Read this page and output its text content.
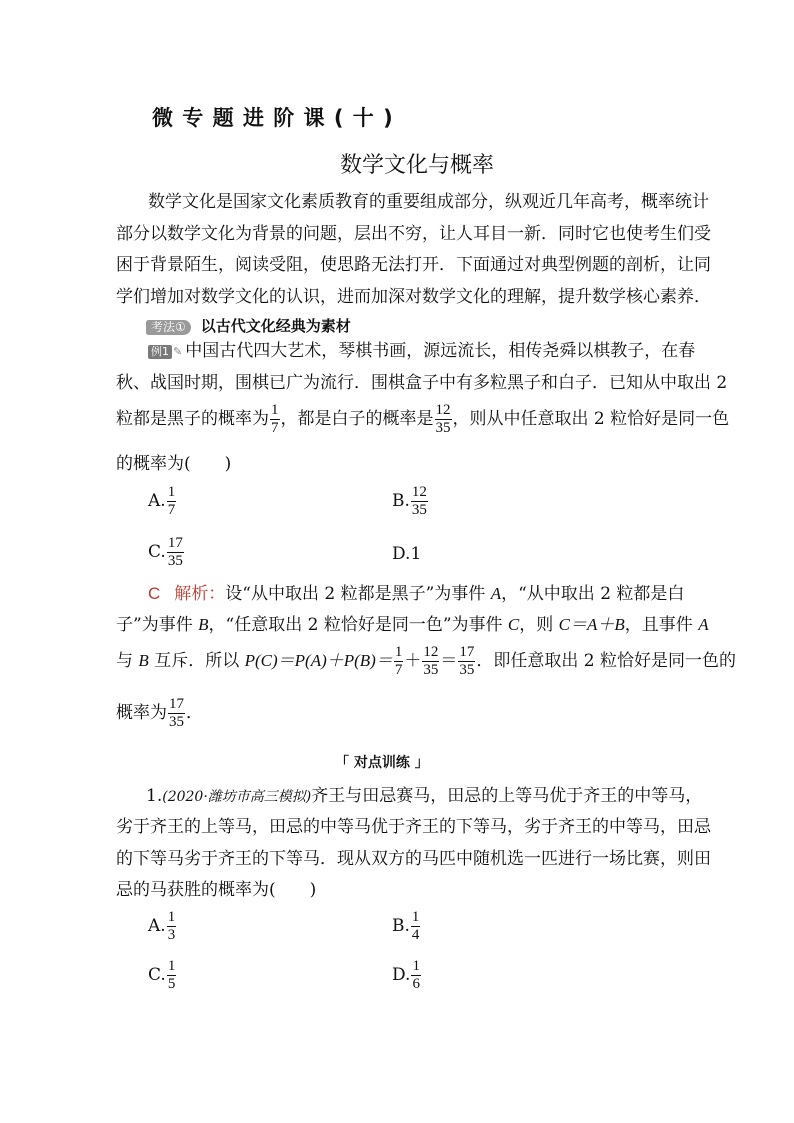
微 专 题 进 阶 课 ( 十 )
数学文化与概率
数学文化是国家文化素质教育的重要组成部分，纵观近几年高考，概率统计
部分以数学文化为背景的问题，层出不穷，让人耳目一新．同时它也使考生们受
困于背景陌生，阅读受阻，使思路无法打开．下面通过对典型例题的剖析，让同
学们增加对数学文化的认识，进而加深对数学文化的理解，提升数学核心素养．
考法① 以古代文化经典为素材
例1 ✎ 中国古代四大艺术，琴棋书画，源远流长，相传尧舜以棋教子，在春
秋、战国时期，围棋已广为流行．围棋盒子中有多粒黑子和白子．已知从中取出 2
粒都是黑子的概率为 $\frac{1}{7}$ ，都是白子的概率是 $\frac{12}{35}$ ，则从中任意取出 2 粒恰好是同一色
的概率为(　　)
A. $\frac{1}{7}$	B. $\frac{12}{35}$
C. $\frac{17}{35}$	D.1
C 解析：设“从中取出 2 粒都是黑子”为事件 A，“从中取出 2 粒都是白
子”为事件 B，“任意取出 2 粒恰好是同一色”为事件 C，则 C＝A＋B，且事件 A
与 B 互斥．所以 $P(C)=P(A)+P(B)= \frac{1}{7} + \frac{12}{35} = \frac{17}{35}$ ．即任意取出 2 粒恰好是同一色的
概率为 $\frac{17}{35}$ ．
「 对点训练 」
1.(2020·潍坊市高三模拟)齐王与田忌赛马，田忌的上等马优于齐王的中等马，
劣于齐王的上等马，田忌的中等马优于齐王的下等马，劣于齐王的中等马，田忌
的下等马劣于齐王的下等马．现从双方的马匹中随机选一匹进行一场比赛，则田
忌的马获胜的概率为(　　)
A. $\frac{1}{3}$	B. $\frac{1}{4}$
C. $\frac{1}{5}$	D. $\frac{1}{6}$
